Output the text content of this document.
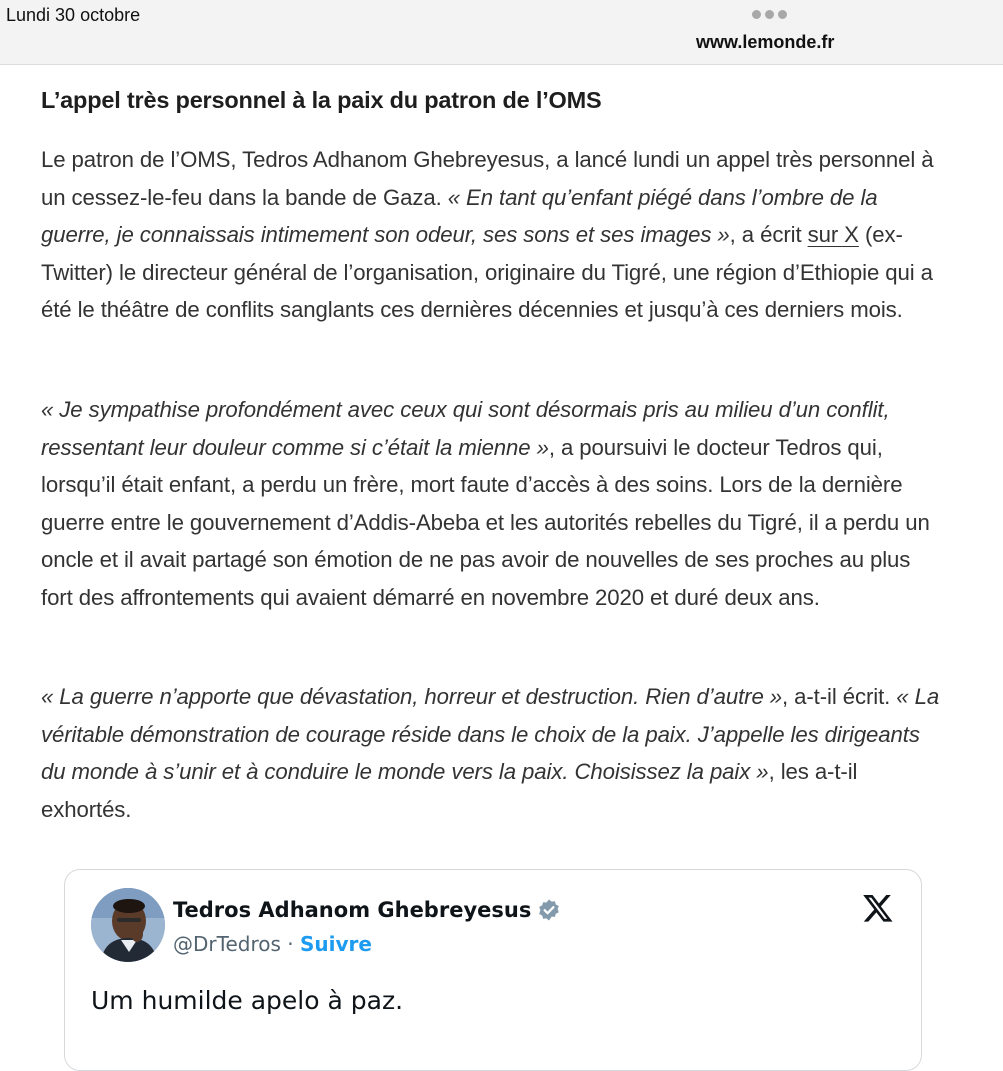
Lundi 30 octobre
www.lemonde.fr
L’appel très personnel à la paix du patron de l’OMS

Le patron de l’OMS, Tedros Adhanom Ghebreyesus, a lancé lundi un appel très personnel à un cessez-le-feu dans la bande de Gaza. « En tant qu’enfant piégé dans l’ombre de la guerre, je connaissais intimement son odeur, ses sons et ses images », a écrit sur X (ex-Twitter) le directeur général de l’organisation, originaire du Tigré, une région d’Ethiopie qui a été le théâtre de conflits sanglants ces dernières décennies et jusqu’à ces derniers mois.

« Je sympathise profondément avec ceux qui sont désormais pris au milieu d’un conflit, ressentant leur douleur comme si c’était la mienne », a poursuivi le docteur Tedros qui, lorsqu’il était enfant, a perdu un frère, mort faute d’accès à des soins. Lors de la dernière guerre entre le gouvernement d’Addis-Abeba et les autorités rebelles du Tigré, il a perdu un oncle et il avait partagé son émotion de ne pas avoir de nouvelles de ses proches au plus fort des affrontements qui avaient démarré en novembre 2020 et duré deux ans.

« La guerre n’apporte que dévastation, horreur et destruction. Rien d’autre », a-t-il écrit. « La véritable démonstration de courage réside dans le choix de la paix. J’appelle les dirigeants du monde à s’unir et à conduire le monde vers la paix. Choisissez la paix », les a-t-il exhortés.

Tedros Adhanom Ghebreyesus
@DrTedros · Suivre
Um humilde apelo à paz.
